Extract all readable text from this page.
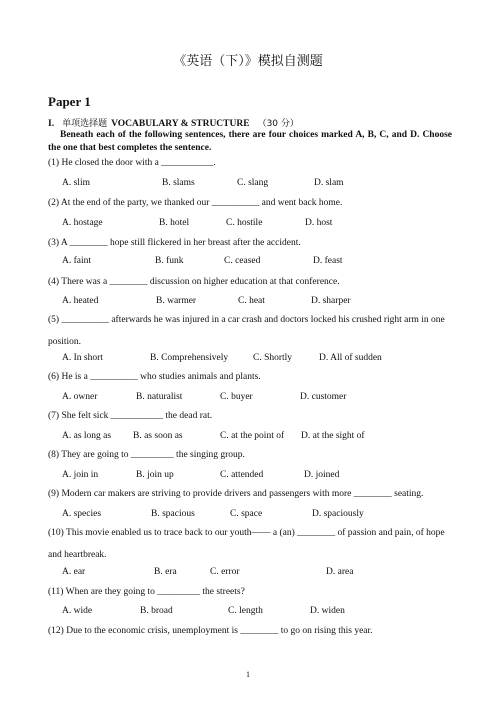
《英语（下）》模拟自测题
Paper 1
I. 单项选择题 VOCABULARY & STRUCTURE （30 分）
Beneath each of the following sentences, there are four choices marked A, B, C, and D. Choose the one that best completes the sentence.
(1) He closed the door with a ___________.
A. slim	B. slams	C. slang	D. slam
(2) At the end of the party, we thanked our __________ and went back home.
A. hostage	B. hotel	C. hostile	D. host
(3) A ________ hope still flickered in her breast after the accident.
A. faint	B. funk	C. ceased	D. feast
(4) There was a ________ discussion on higher education at that conference.
A. heated	B. warmer	C. heat	D. sharper
(5) __________ afterwards he was injured in a car crash and doctors locked his crushed right arm in one position.
A. In short	B. Comprehensively	C. Shortly	D. All of sudden
(6) He is a __________ who studies animals and plants.
A. owner	B. naturalist	C. buyer	D. customer
(7) She felt sick ___________ the dead rat.
A. as long as B. as soon as	C. at the point of D. at the sight of
(8) They are going to _________ the singing group.
A. join in	B. join up	C. attended	D. joined
(9) Modern car makers are striving to provide drivers and passengers with more ________ seating.
A. species	B. spacious	C. space	D. spaciously
(10) This movie enabled us to trace back to our youth—— a (an) ________ of passion and pain, of hope and heartbreak.
A. ear	B. era	C. error	D. area
(11) When are they going to _________ the streets?
A. wide	B. broad	C. length	D. widen
(12) Due to the economic crisis, unemployment is ________ to go on rising this year.
1
